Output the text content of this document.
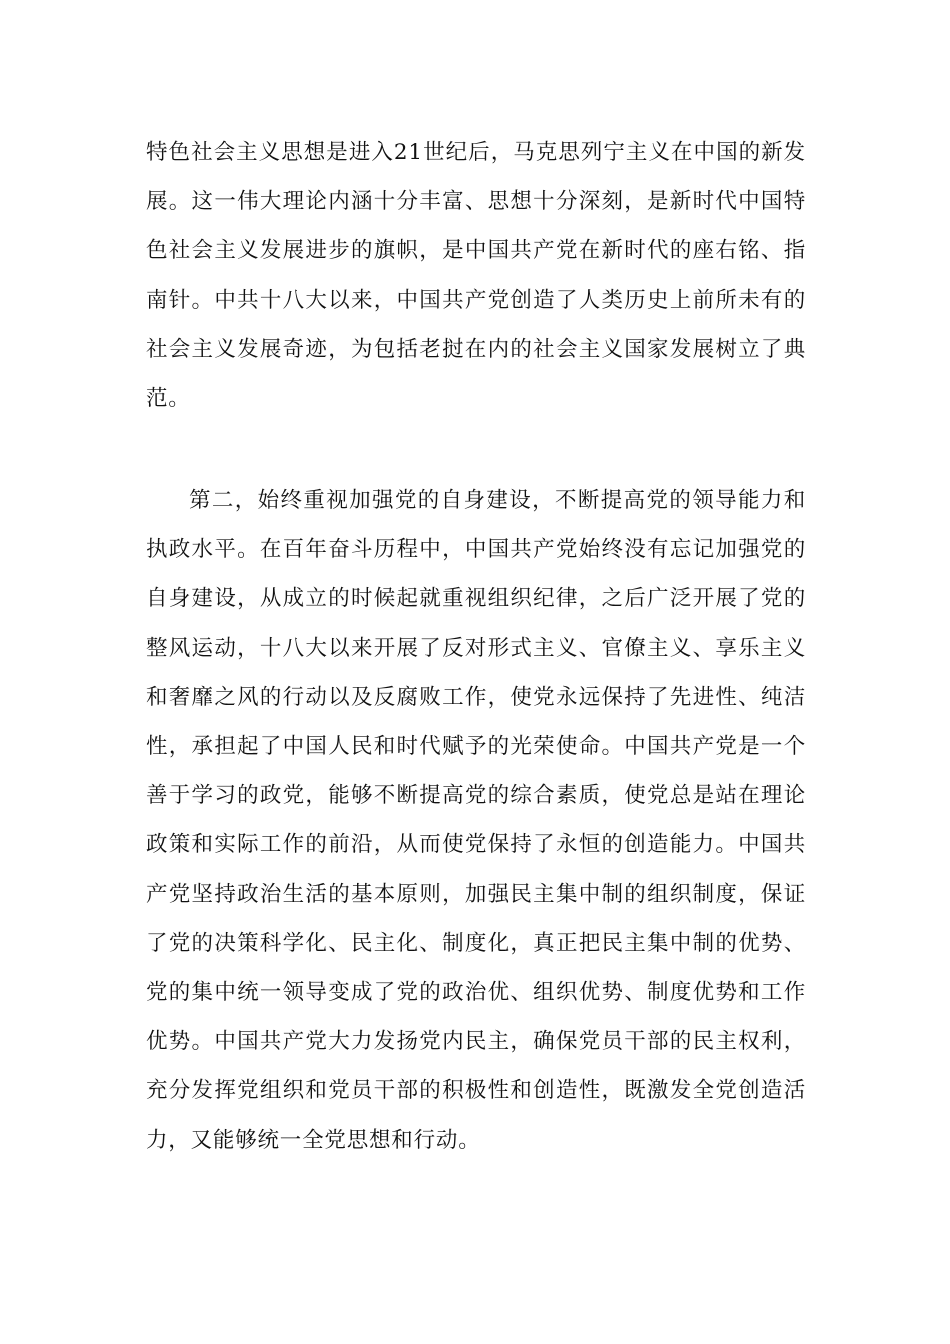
特色社会主义思想是进入21世纪后，马克思列宁主义在中国的新发展。这一伟大理论内涵十分丰富、思想十分深刻，是新时代中国特色社会主义发展进步的旗帜，是中国共产党在新时代的座右铭、指南针。中共十八大以来，中国共产党创造了人类历史上前所未有的社会主义发展奇迹，为包括老挝在内的社会主义国家发展树立了典范。

第二，始终重视加强党的自身建设，不断提高党的领导能力和执政水平。在百年奋斗历程中，中国共产党始终没有忘记加强党的自身建设，从成立的时候起就重视组织纪律，之后广泛开展了党的整风运动，十八大以来开展了反对形式主义、官僚主义、享乐主义和奢靡之风的行动以及反腐败工作，使党永远保持了先进性、纯洁性，承担起了中国人民和时代赋予的光荣使命。中国共产党是一个善于学习的政党，能够不断提高党的综合素质，使党总是站在理论政策和实际工作的前沿，从而使党保持了永恒的创造能力。中国共产党坚持政治生活的基本原则，加强民主集中制的组织制度，保证了党的决策科学化、民主化、制度化，真正把民主集中制的优势、党的集中统一领导变成了党的政治优、组织优势、制度优势和工作优势。中国共产党大力发扬党内民主，确保党员干部的民主权利，充分发挥党组织和党员干部的积极性和创造性，既激发全党创造活力，又能够统一全党思想和行动。
